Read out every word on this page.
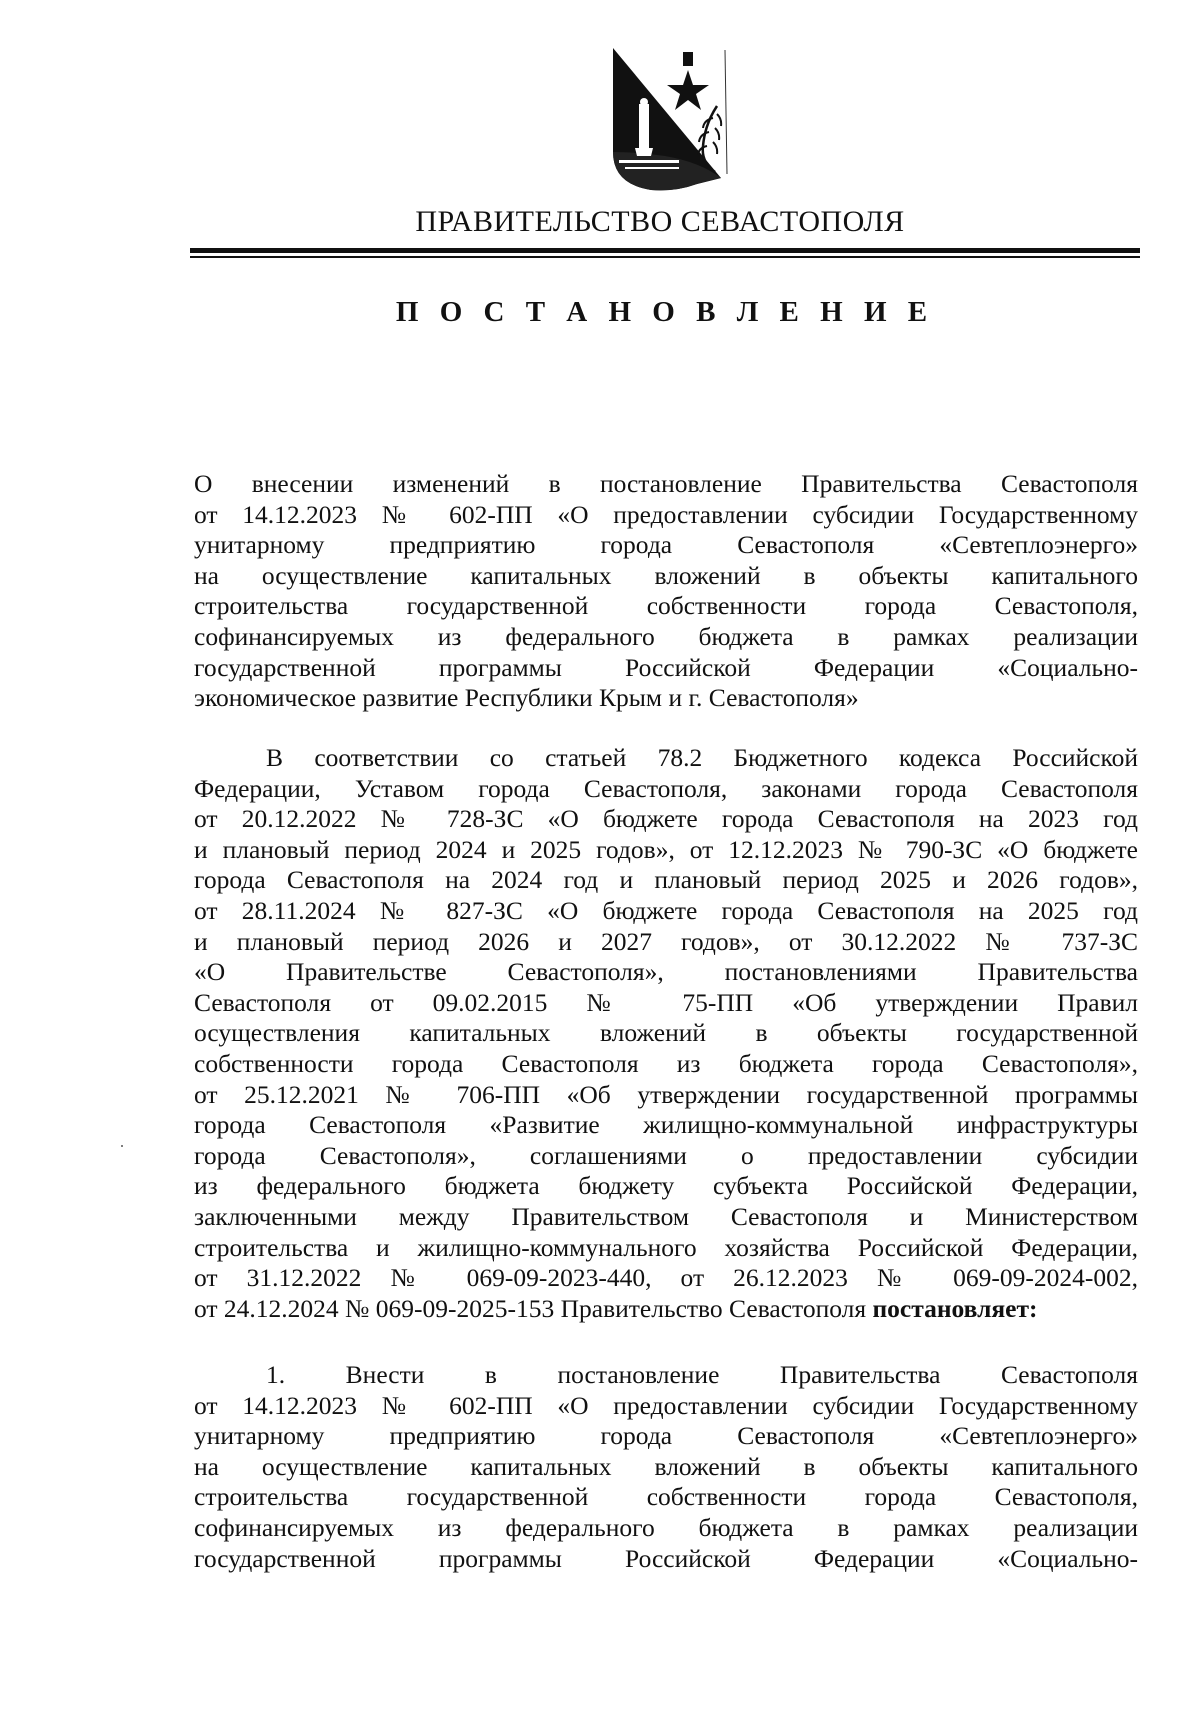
ПРАВИТЕЛЬСТВО СЕВАСТОПОЛЯ
П О С Т А Н О В Л Е Н И Е
О внесении изменений в постановление Правительства Севастополя
от 14.12.2023 № 602-ПП «О предоставлении субсидии Государственному
унитарному предприятию города Севастополя «Севтеплоэнерго»
на осуществление капитальных вложений в объекты капитального
строительства государственной собственности города Севастополя,
софинансируемых из федерального бюджета в рамках реализации
государственной программы Российской Федерации «Социально-
экономическое развитие Республики Крым и г. Севастополя»
В соответствии со статьей 78.2 Бюджетного кодекса Российской
Федерации, Уставом города Севастополя, законами города Севастополя
от 20.12.2022 № 728-ЗС «О бюджете города Севастополя на 2023 год
и плановый период 2024 и 2025 годов», от 12.12.2023 № 790-ЗС «О бюджете
города Севастополя на 2024 год и плановый период 2025 и 2026 годов»,
от 28.11.2024 № 827-ЗС «О бюджете города Севастополя на 2025 год
и плановый период 2026 и 2027 годов», от 30.12.2022 № 737-ЗС
«О Правительстве Севастополя», постановлениями Правительства
Севастополя от 09.02.2015 № 75-ПП «Об утверждении Правил
осуществления капитальных вложений в объекты государственной
собственности города Севастополя из бюджета города Севастополя»,
от 25.12.2021 № 706-ПП «Об утверждении государственной программы
города Севастополя «Развитие жилищно-коммунальной инфраструктуры
города Севастополя», соглашениями о предоставлении субсидии
из федерального бюджета бюджету субъекта Российской Федерации,
заключенными между Правительством Севастополя и Министерством
строительства и жилищно-коммунального хозяйства Российской Федерации,
от 31.12.2022 № 069-09-2023-440, от 26.12.2023 № 069-09-2024-002,
от 24.12.2024 № 069-09-2025-153 Правительство Севастополя постановляет:
1. Внести в постановление Правительства Севастополя
от 14.12.2023 № 602-ПП «О предоставлении субсидии Государственному
унитарному предприятию города Севастополя «Севтеплоэнерго»
на осуществление капитальных вложений в объекты капитального
строительства государственной собственности города Севастополя,
софинансируемых из федерального бюджета в рамках реализации
государственной программы Российской Федерации «Социально-
